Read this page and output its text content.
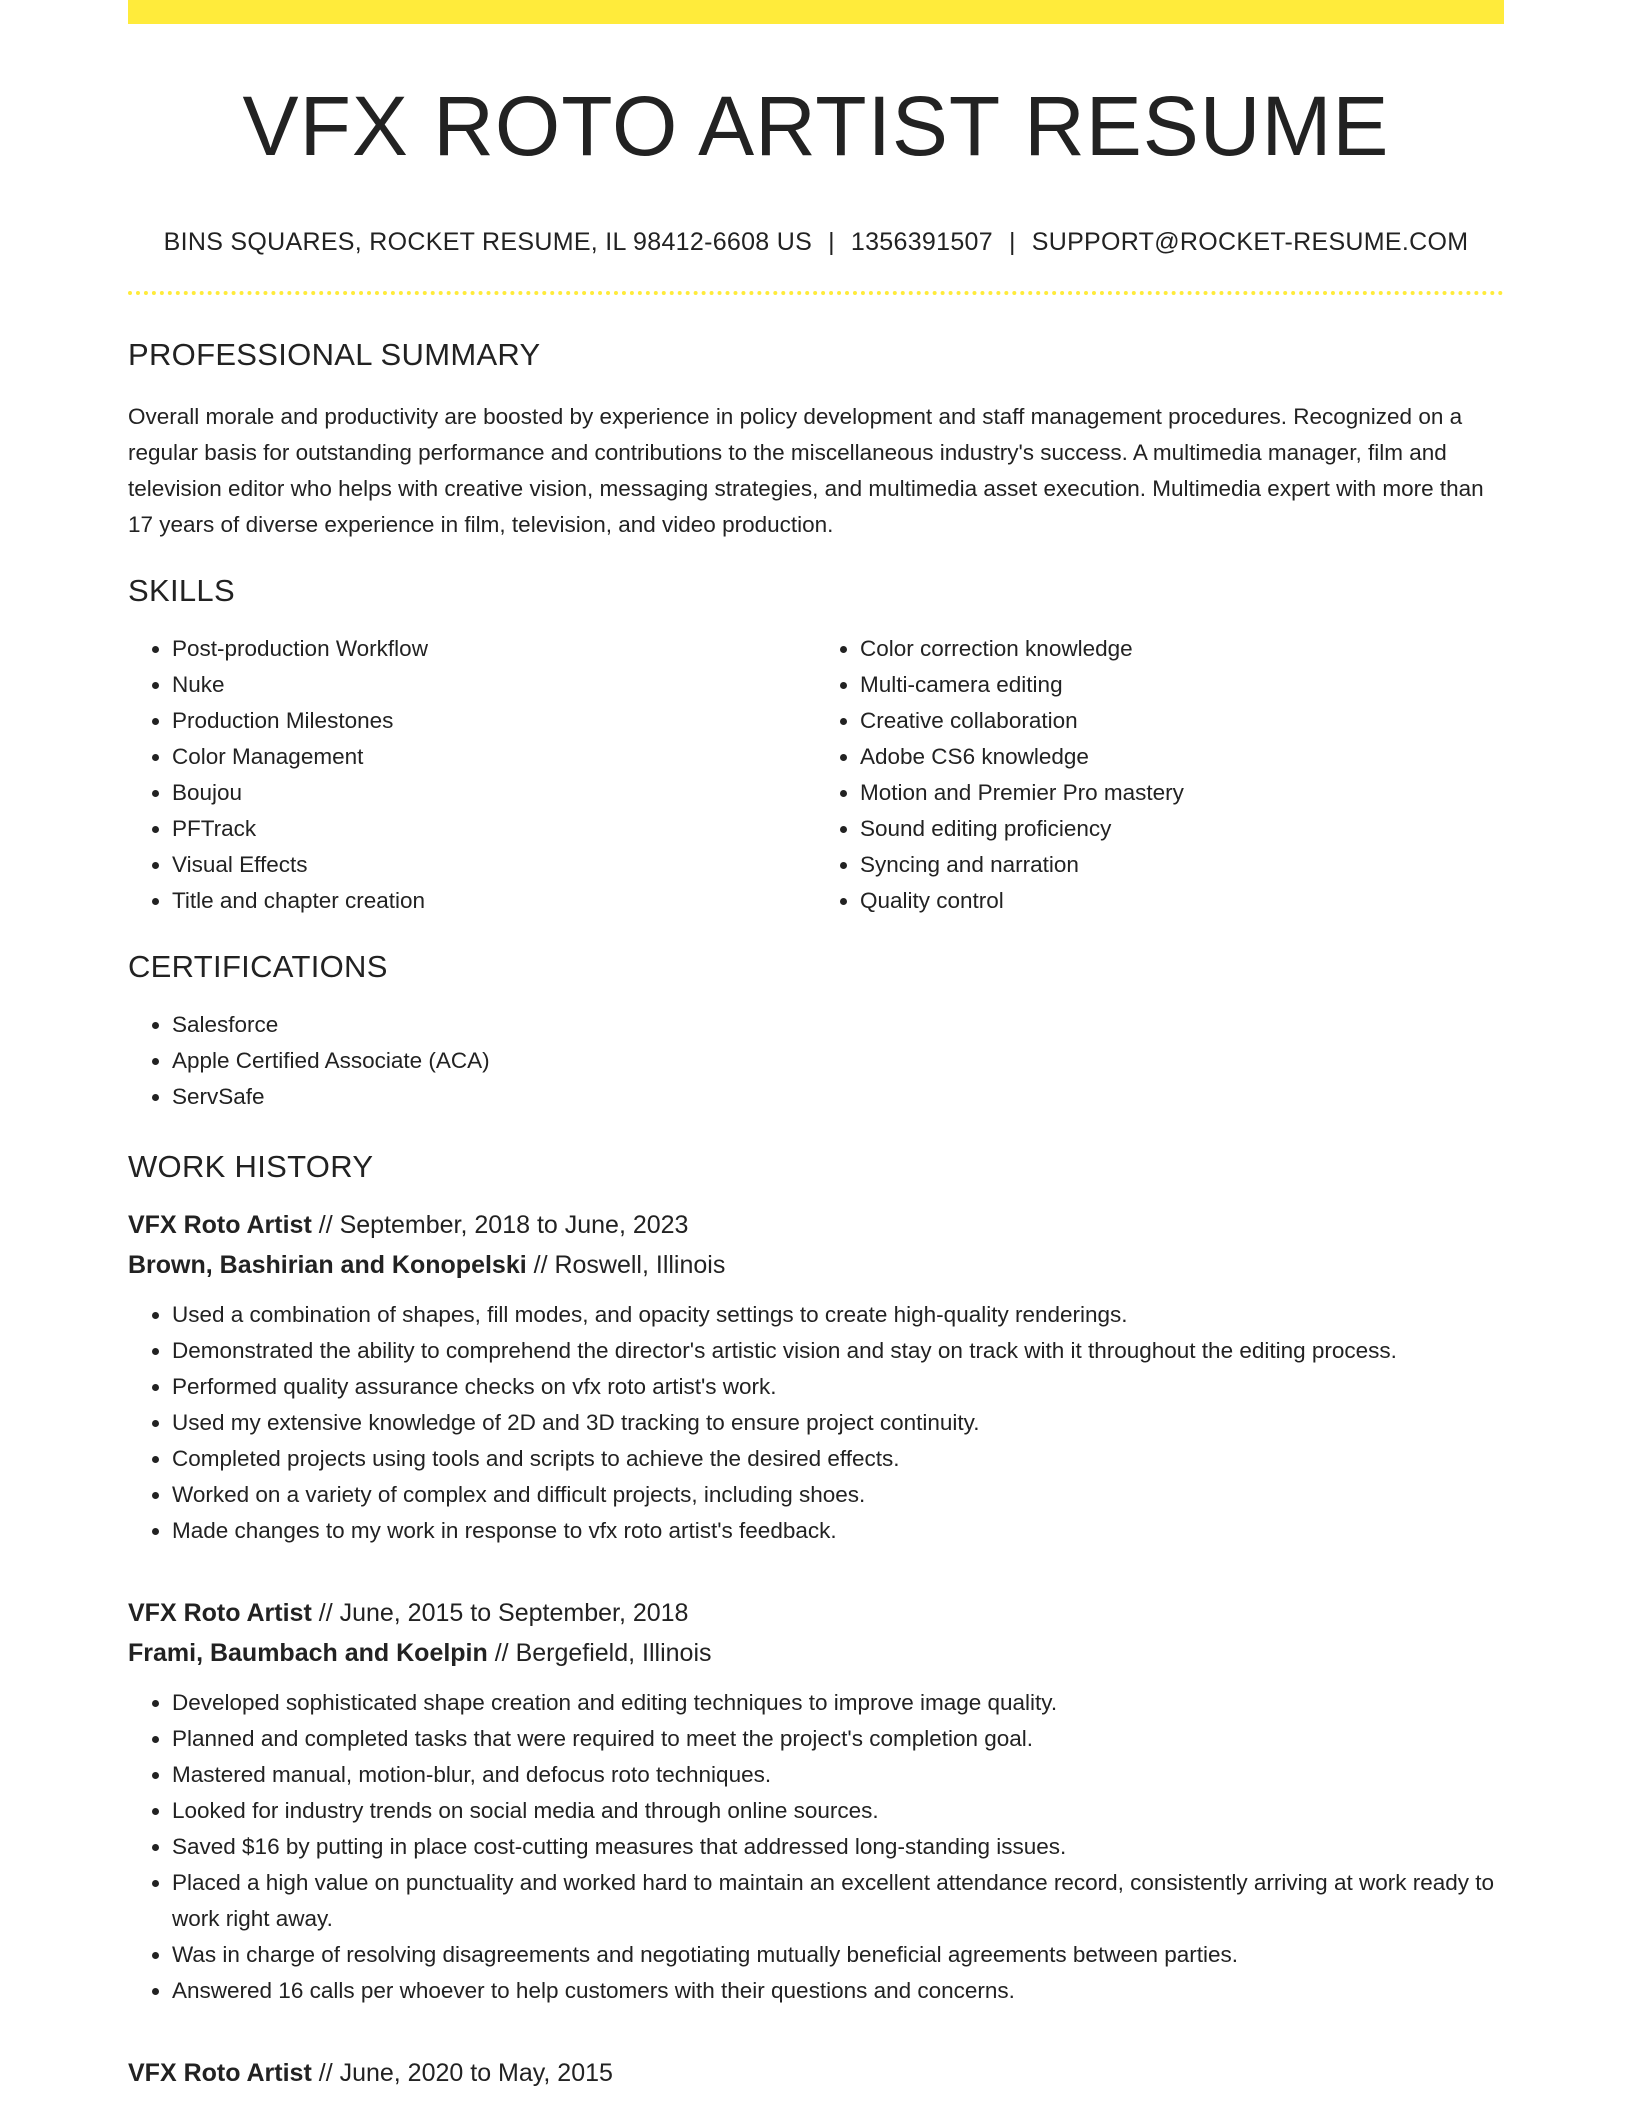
VFX ROTO ARTIST RESUME
BINS SQUARES, ROCKET RESUME, IL 98412-6608 US | 1356391507 | SUPPORT@ROCKET-RESUME.COM
PROFESSIONAL SUMMARY
Overall morale and productivity are boosted by experience in policy development and staff management procedures. Recognized on a regular basis for outstanding performance and contributions to the miscellaneous industry's success. A multimedia manager, film and television editor who helps with creative vision, messaging strategies, and multimedia asset execution. Multimedia expert with more than 17 years of diverse experience in film, television, and video production.
SKILLS
• Post-production Workflow
• Nuke
• Production Milestones
• Color Management
• Boujou
• PFTrack
• Visual Effects
• Title and chapter creation
• Color correction knowledge
• Multi-camera editing
• Creative collaboration
• Adobe CS6 knowledge
• Motion and Premier Pro mastery
• Sound editing proficiency
• Syncing and narration
• Quality control
CERTIFICATIONS
• Salesforce
• Apple Certified Associate (ACA)
• ServSafe
WORK HISTORY
VFX Roto Artist // September, 2018 to June, 2023
Brown, Bashirian and Konopelski // Roswell, Illinois
• Used a combination of shapes, fill modes, and opacity settings to create high-quality renderings.
• Demonstrated the ability to comprehend the director's artistic vision and stay on track with it throughout the editing process.
• Performed quality assurance checks on vfx roto artist's work.
• Used my extensive knowledge of 2D and 3D tracking to ensure project continuity.
• Completed projects using tools and scripts to achieve the desired effects.
• Worked on a variety of complex and difficult projects, including shoes.
• Made changes to my work in response to vfx roto artist's feedback.
VFX Roto Artist // June, 2015 to September, 2018
Frami, Baumbach and Koelpin // Bergefield, Illinois
• Developed sophisticated shape creation and editing techniques to improve image quality.
• Planned and completed tasks that were required to meet the project's completion goal.
• Mastered manual, motion-blur, and defocus roto techniques.
• Looked for industry trends on social media and through online sources.
• Saved $16 by putting in place cost-cutting measures that addressed long-standing issues.
• Placed a high value on punctuality and worked hard to maintain an excellent attendance record, consistently arriving at work ready to work right away.
• Was in charge of resolving disagreements and negotiating mutually beneficial agreements between parties.
• Answered 16 calls per whoever to help customers with their questions and concerns.
VFX Roto Artist // June, 2020 to May, 2015
